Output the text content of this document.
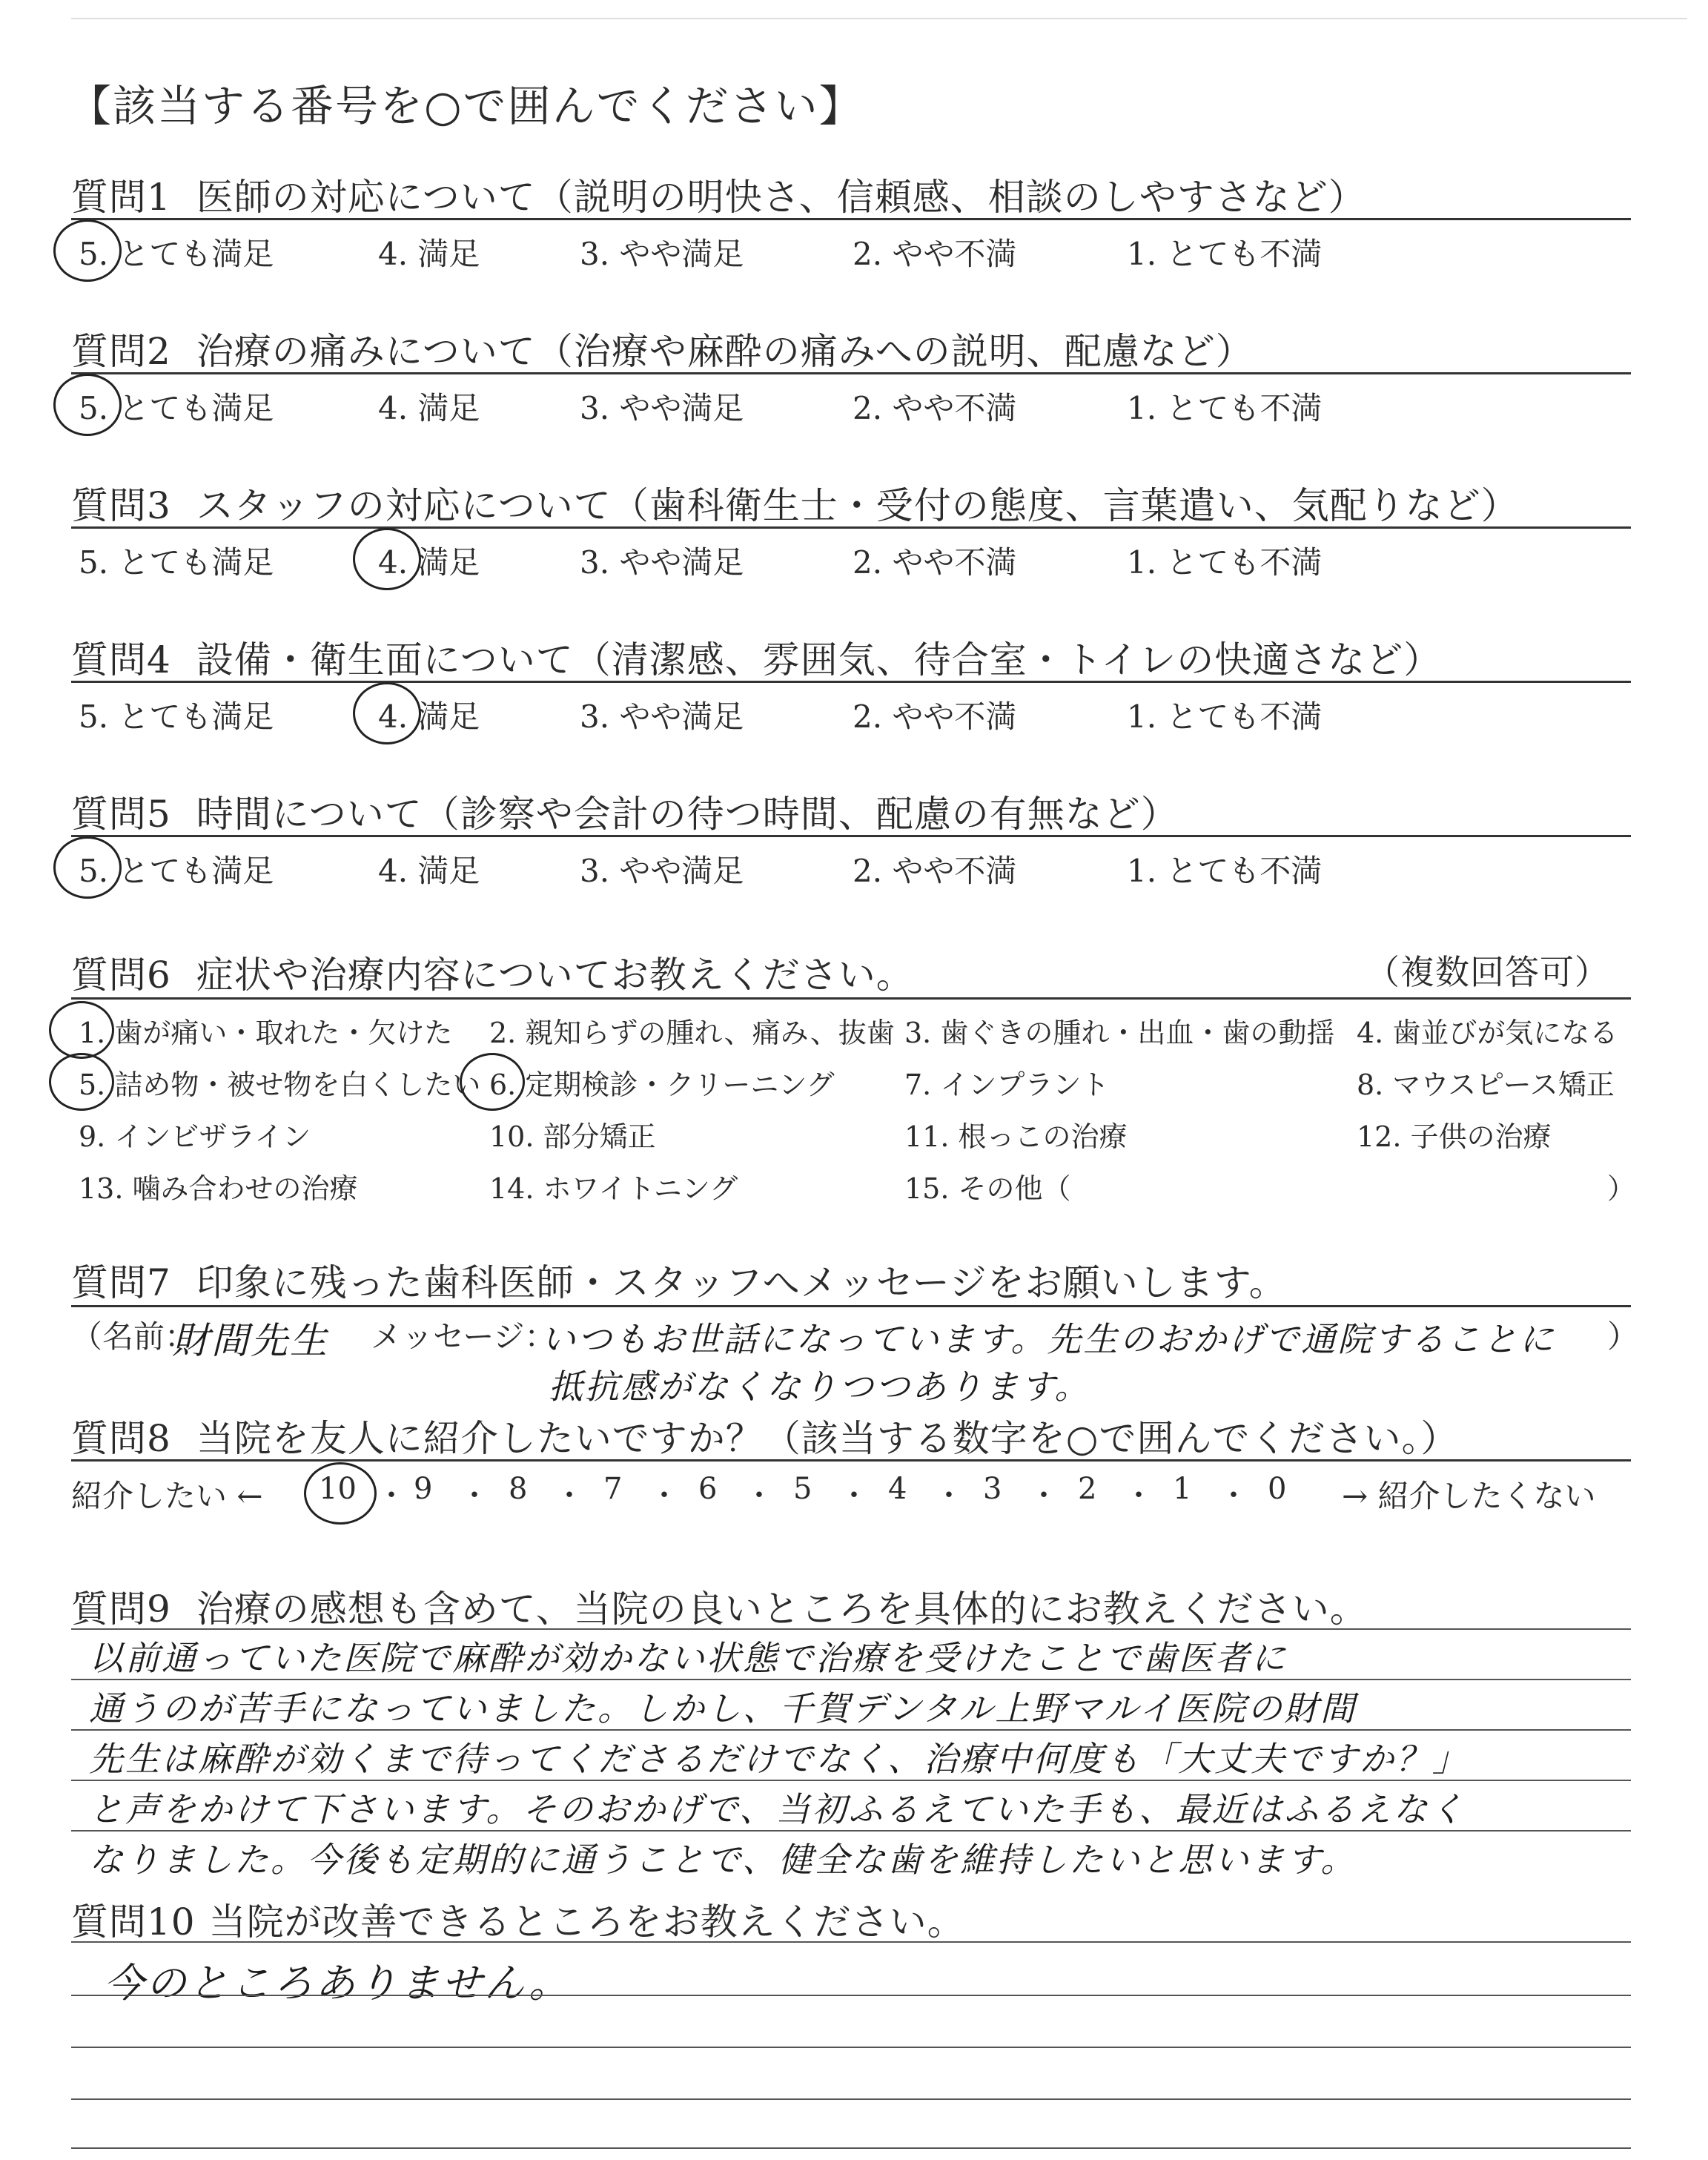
【該当する番号を○で囲んでください】
質問1 医師の対応について（説明の明快さ、信頼感、相談のしやすさなど）
5. とても満足	4. 満足	3. やや満足	2. やや不満	1. とても不満
質問2 治療の痛みについて（治療や麻酔の痛みへの説明、配慮など）
5. とても満足	4. 満足	3. やや満足	2. やや不満	1. とても不満
質問3 スタッフの対応について（歯科衛生士・受付の態度、言葉遣い、気配りなど）
5. とても満足	4. 満足	3. やや満足	2. やや不満	1. とても不満
質問4 設備・衛生面について（清潔感、雰囲気、待合室・トイレの快適さなど）
5. とても満足	4. 満足	3. やや満足	2. やや不満	1. とても不満
質問5 時間について（診察や会計の待つ時間、配慮の有無など）
5. とても満足	4. 満足	3. やや満足	2. やや不満	1. とても不満
質問6 症状や治療内容についてお教えください。	（複数回答可）
1. 歯が痛い・取れた・欠けた 2. 親知らずの腫れ、痛み、抜歯 3. 歯ぐきの腫れ・出血・歯の動揺 4. 歯並びが気になる
5. 詰め物・被せ物を白くしたい 6. 定期検診・クリーニング 7. インプラント	8. マウスピース矯正
9. インビザライン	10. 部分矯正	11. 根っこの治療	12. 子供の治療
13. 噛み合わせの治療	14. ホワイトニング	15. その他（	）
質問7 印象に残った歯科医師・スタッフへメッセージをお願いします。
（名前：
財間先生 メッセージ：
いつもお世話になっています。先生のおかげで通院することに
抵抗感がなくなりつつあります。
）
質問8 当院を友人に紹介したいですか？（該当する数字を○で囲んでください。）
紹介したい ← 10 ・ 9 ・ 8 ・ 7 ・ 6 ・ 5 ・ 4 ・ 3 ・ 2 ・ 1 ・ 0 → 紹介したくない
質問9 治療の感想も含めて、当院の良いところを具体的にお教えください。
以前通っていた医院で麻酔が効かない状態で治療を受けたことで歯医者に
通うのが苦手になっていました。しかし、千賀デンタル上野マルイ医院の財間
先生は麻酔が効くまで待ってくださるだけでなく、治療中何度も「大丈夫ですか？」
と声をかけて下さいます。そのおかげで、当初ふるえていた手も、最近はふるえなく
なりました。今後も定期的に通うことで、健全な歯を維持したいと思います。
質問10 当院が改善できるところをお教えください。
今のところありません。
